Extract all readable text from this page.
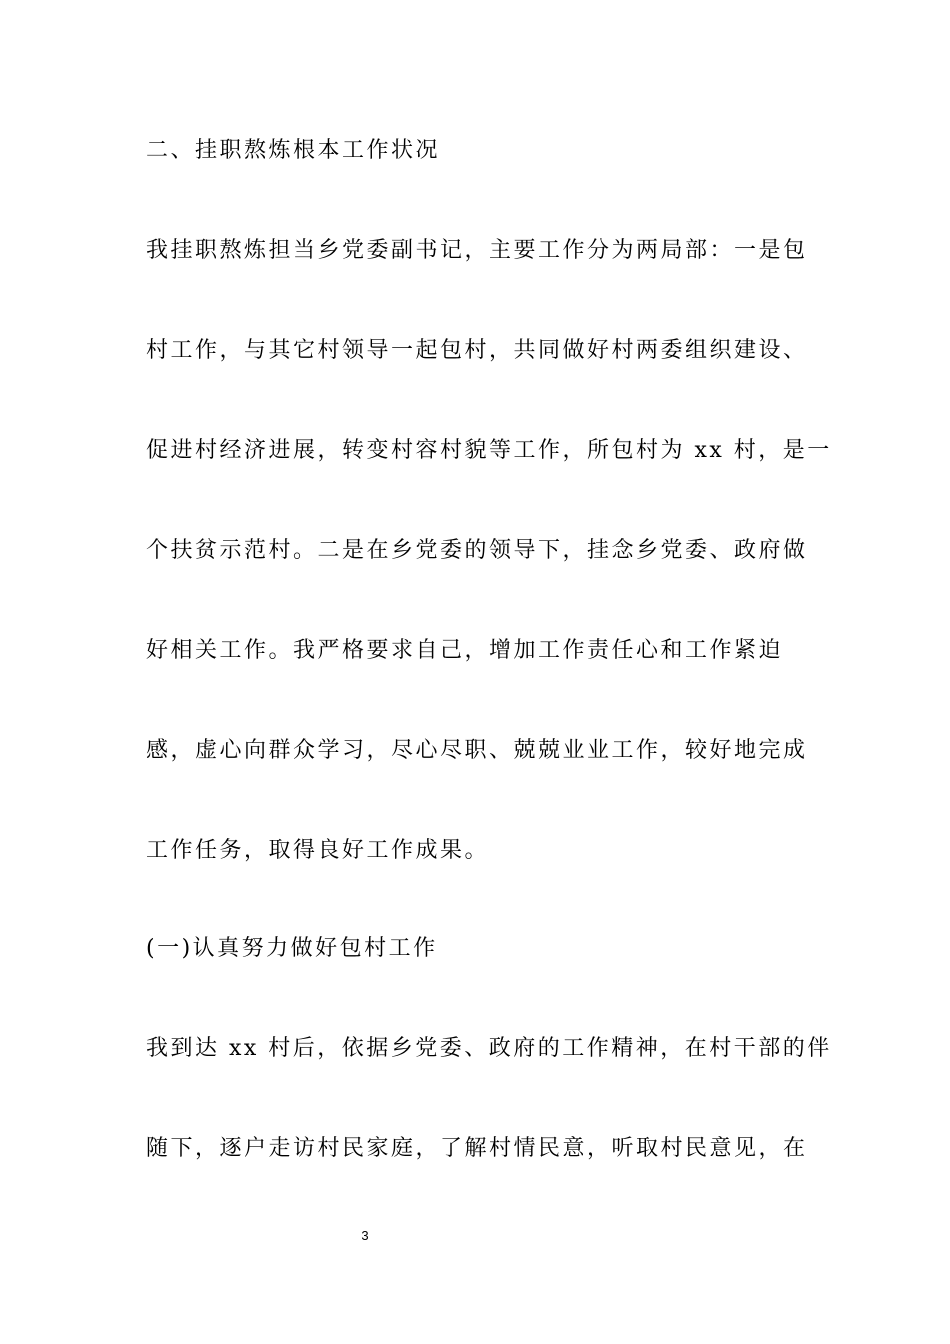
二、挂职熬炼根本工作状况
我挂职熬炼担当乡党委副书记，主要工作分为两局部：一是包
村工作，与其它村领导一起包村，共同做好村两委组织建设、
促进村经济进展，转变村容村貌等工作，所包村为 xx 村，是一
个扶贫示范村。二是在乡党委的领导下，挂念乡党委、政府做
好相关工作。我严格要求自己，增加工作责任心和工作紧迫
感，虚心向群众学习，尽心尽职、兢兢业业工作，较好地完成
工作任务，取得良好工作成果。
(一)认真努力做好包村工作
我到达 xx 村后，依据乡党委、政府的工作精神，在村干部的伴
随下，逐户走访村民家庭，了解村情民意，听取村民意见，在
3
